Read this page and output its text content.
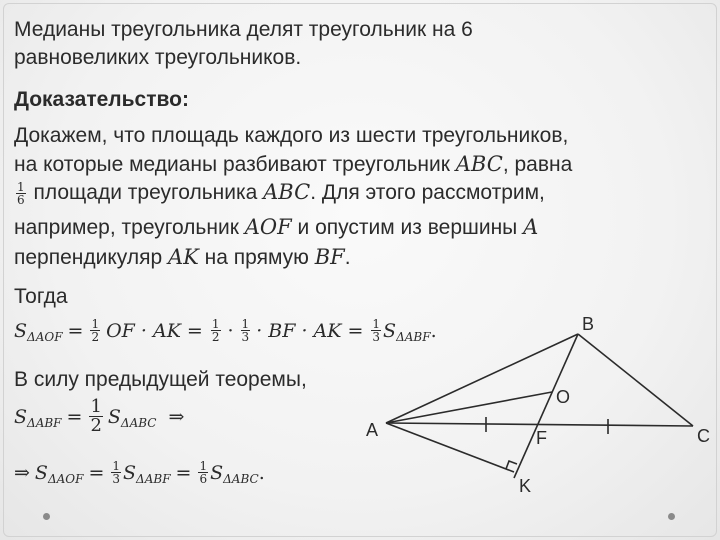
Медианы треугольника делят треугольник на 6
равновеликих треугольников.
Доказательство:
Докажем, что площадь каждого из шести треугольников,
на которые медианы разбивают треугольник ABC, равна
$\frac{1}{6}$ площади треугольника ABC. Для этого рассмотрим,
например, треугольник AOF и опустим из вершины A
перпендикуляр AK на прямую BF.
Тогда
S $\Delta AOF = \frac{1}{2}$ OF · AK = $\frac{1}{2} \cdot \frac{1}{3}$ · BF · AK = $\frac{1}{3}$ S ΔABF .
В силу предыдущей теоремы,
S $\Delta ABF = \frac{1}{2}$ S ΔABC ⇒
⇒ S $\Delta AOF = \frac{1}{3}$ S $\Delta ABF = \frac{1}{6}$ S ΔABC .
A
B
C
O
F
K
